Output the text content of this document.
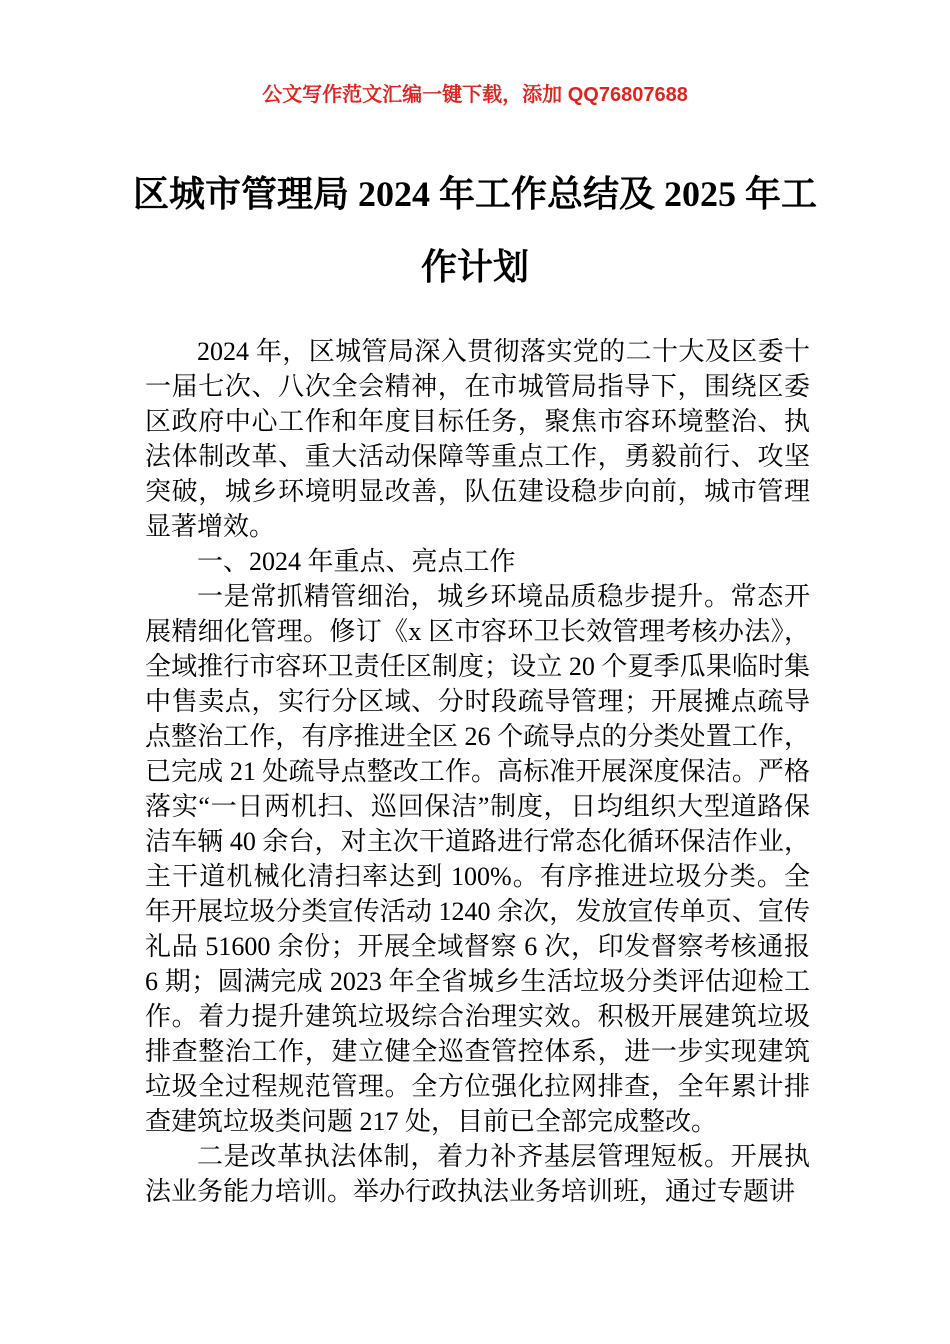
公文写作范文汇编一键下载，添加 QQ76807688
区城市管理局 2024 年工作总结及 2025 年工作计划

2024 年，区城管局深入贯彻落实党的二十大及区委十一届七次、八次全会精神，在市城管局指导下，围绕区委区政府中心工作和年度目标任务，聚焦市容环境整治、执法体制改革、重大活动保障等重点工作，勇毅前行、攻坚突破，城乡环境明显改善，队伍建设稳步向前，城市管理显著增效。

一、2024 年重点、亮点工作

一是常抓精管细治，城乡环境品质稳步提升。常态开展精细化管理。修订《x 区市容环卫长效管理考核办法》，全域推行市容环卫责任区制度；设立 20 个夏季瓜果临时集中售卖点，实行分区域、分时段疏导管理；开展摊点疏导点整治工作，有序推进全区 26 个疏导点的分类处置工作，已完成 21 处疏导点整改工作。高标准开展深度保洁。严格落实“一日两机扫、巡回保洁”制度，日均组织大型道路保洁车辆 40 余台，对主次干道路进行常态化循环保洁作业，主干道机械化清扫率达到 100%。有序推进垃圾分类。全年开展垃圾分类宣传活动 1240 余次，发放宣传单页、宣传礼品 51600 余份；开展全域督察 6 次，印发督察考核通报 6 期；圆满完成 2023 年全省城乡生活垃圾分类评估迎检工作。着力提升建筑垃圾综合治理实效。积极开展建筑垃圾排查整治工作，建立健全巡查管控体系，进一步实现建筑垃圾全过程规范管理。全方位强化拉网排查，全年累计排查建筑垃圾类问题 217 处，目前已全部完成整改。

二是改革执法体制，着力补齐基层管理短板。开展执法业务能力培训。举办行政执法业务培训班，通过专题讲
